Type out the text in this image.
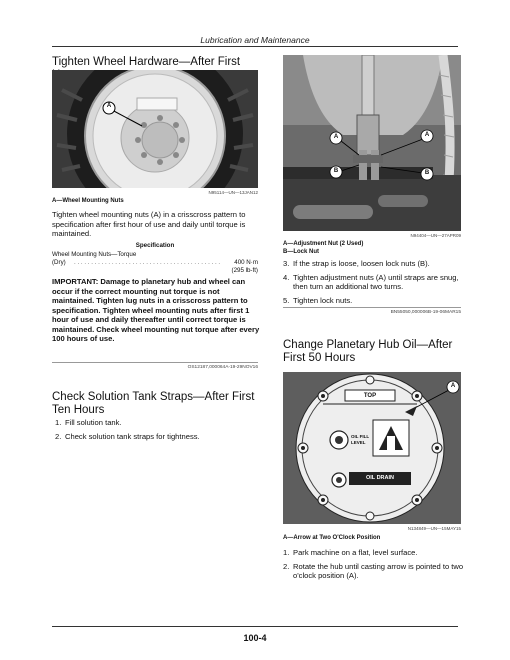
Lubrication and Maintenance
Tighten Wheel Hardware—After First
A
N95114—UN—13JAN12
A—Wheel Mounting Nuts

Tighten wheel mounting nuts (A) in a crisscross pattern to specification after first hour of use and daily until torque is maintained.

Specification
Wheel Mounting Nuts—Torque
(Dry) . . . . . . . . . . . . . . . . . . . . . . . . . . . . . . . . . . . . . . . . . . .	400 N·m
(295 lb-ft)

IMPORTANT: Damage to planetary hub and wheel can occur if the correct mounting nut torque is not maintained. Tighten lug nuts in a crisscross pattern to specification. Tighten wheel mounting nuts after first 1 hour of use and daily thereafter until correct torque is maintained. Check wheel mounting nut torque after every 100 hours of use.

OS12187,000064A-19-29NOV16
Check Solution Tank Straps—After First Ten Hours
1. Fill solution tank.
2. Check solution tank straps for tightness.
A	A
B	B
N94404—UN—27APR09
A—Adjustment Nut (2 Used)
B—Lock Nut
3. If the strap is loose, loosen lock nuts (B).
4. Tighten adjustment nuts (A) until straps are snug, then turn an additional two turns.
5. Tighten lock nuts.
BN55050,000006B-19-06MAR15
Change Planetary Hub Oil—After First 50 Hours
TOP
OIL FILL
LEVEL
OIL DRAIN
A
N134849—UN—15MAY15
A—Arrow at Two O'Clock Position
1. Park machine on a flat, level surface.
2. Rotate the hub until casting arrow is pointed to two o'clock position (A).
100-4
